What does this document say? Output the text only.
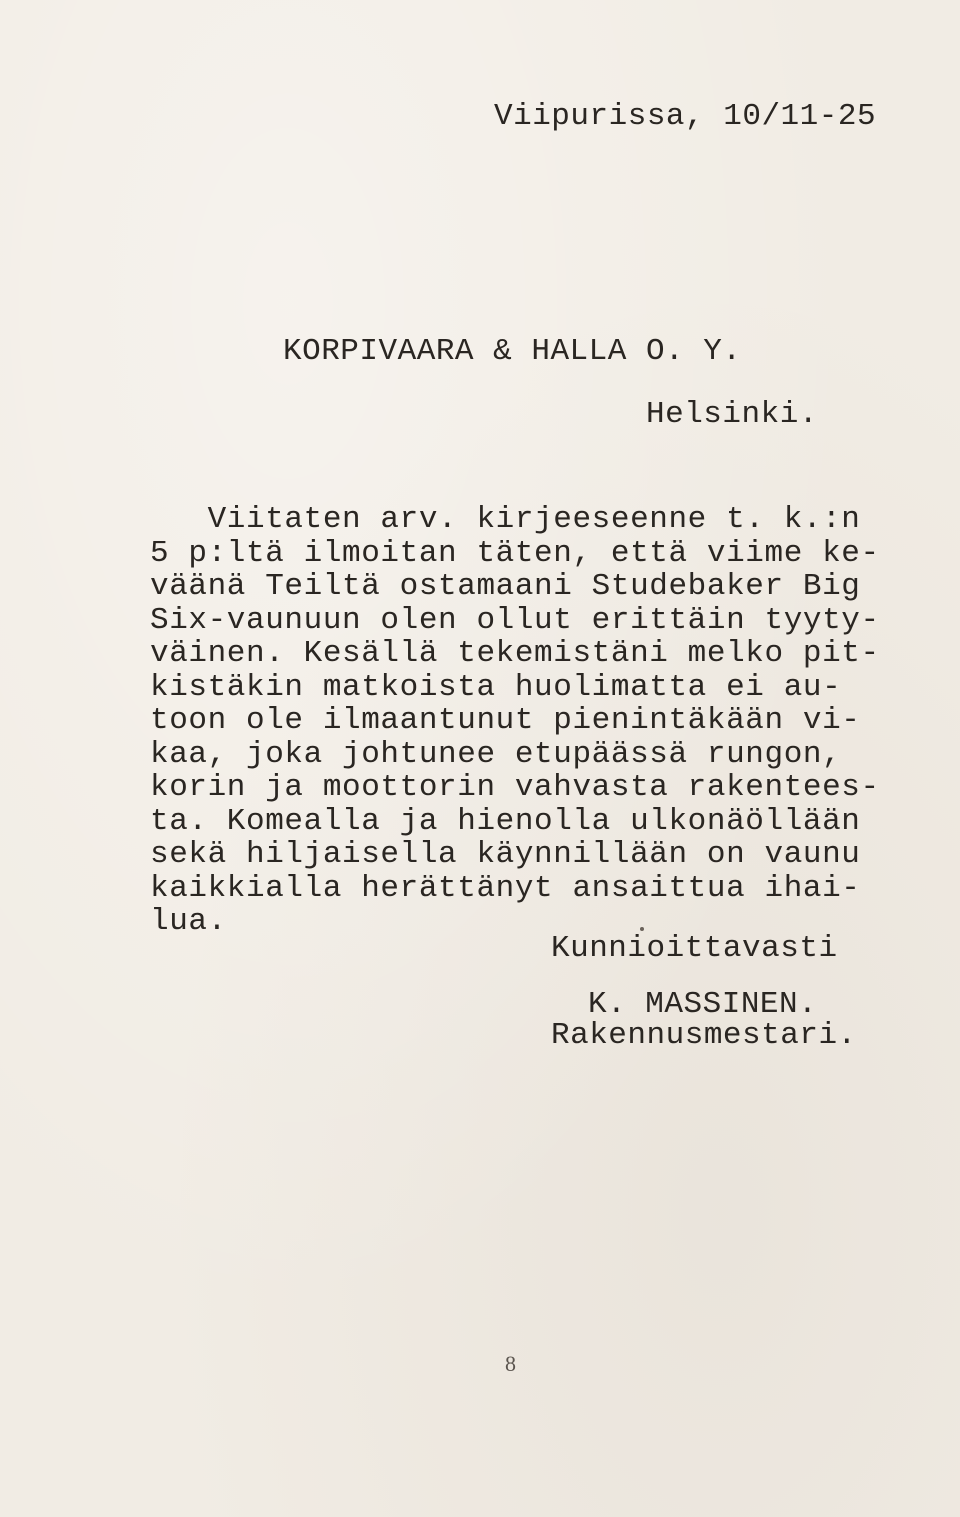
Viipurissa, 10/11-25
KORPIVAARA & HALLA O. Y.
Helsinki.
Viitaten arv. kirjeeseenne t. k.:n
5 p:ltä ilmoitan täten, että viime ke-
väänä Teiltä ostamaani Studebaker Big
Six-vaunuun olen ollut erittäin tyyty-
väinen. Kesällä tekemistäni melko pit-
kistäkin matkoista huolimatta ei au-
toon ole ilmaantunut pienintäkään vi-
kaa, joka johtunee etupäässä rungon,
korin ja moottorin vahvasta rakentees-
ta. Komealla ja hienolla ulkonäöllään
sekä hiljaisella käynnillään on vaunu
kaikkialla herättänyt ansaittua ihai-
lua.
Kunnioittavasti
K. MASSINEN.
Rakennusmestari.
8
